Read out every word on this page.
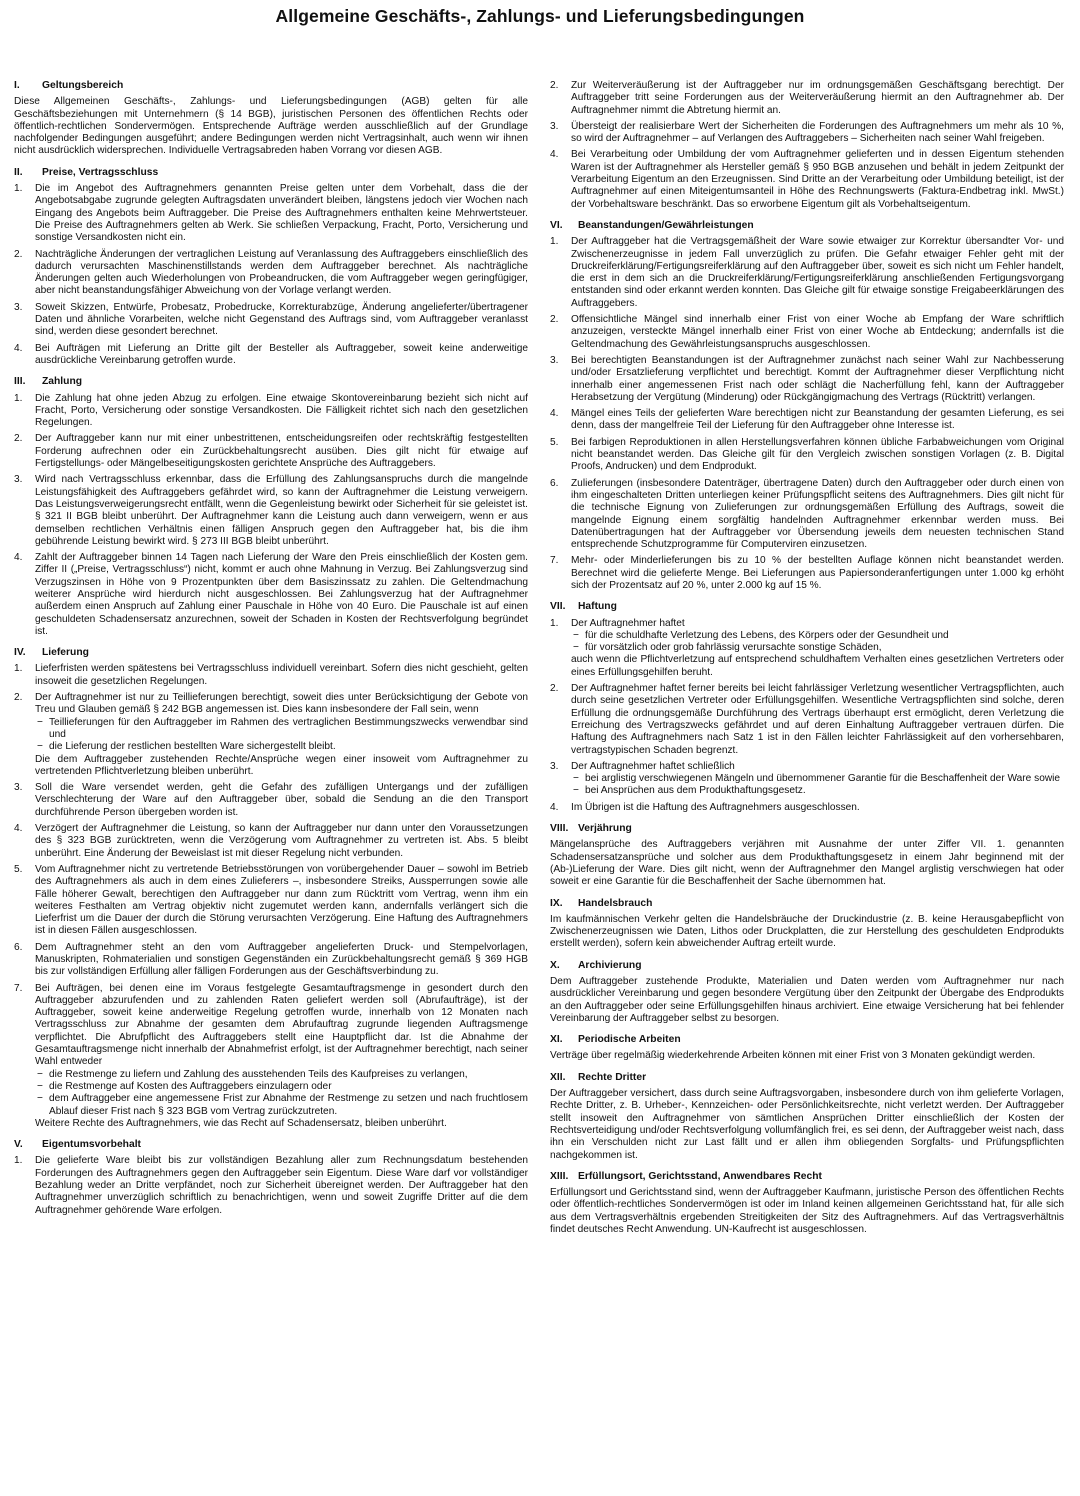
Allgemeine Geschäfts-, Zahlungs- und Lieferungsbedingungen
I.	Geltungsbereich

Diese Allgemeinen Geschäfts-, Zahlungs- und Lieferungsbedingungen (AGB) gelten für alle Geschäftsbeziehungen mit Unternehmern (§ 14 BGB), juristischen Personen des öffentlichen Rechts oder öffentlich-rechtlichen Sondervermögen. Entsprechende Aufträge werden ausschließlich auf der Grundlage nachfolgender Bedingungen ausgeführt; andere Bedingungen werden nicht Vertragsinhalt, auch wenn wir ihnen nicht ausdrücklich widersprechen. Individuelle Vertragsabreden haben Vorrang vor diesen AGB.

II.	Preise, Vertragsschluss
1.	Die im Angebot des Auftragnehmers genannten Preise gelten unter dem Vorbehalt, dass die der Angebotsabgabe zugrunde gelegten Auftragsdaten unverändert bleiben, längstens jedoch vier Wochen nach Eingang des Angebots beim Auftraggeber. Die Preise des Auftragnehmers enthalten keine Mehrwertsteuer. Die Preise des Auftragnehmers gelten ab Werk. Sie schließen Verpackung, Fracht, Porto, Versicherung und sonstige Versandkosten nicht ein.

2.	Nachträgliche Änderungen der vertraglichen Leistung auf Veranlassung des Auftraggebers einschließlich des dadurch verursachten Maschinenstillstands werden dem Auftraggeber berechnet. Als nachträgliche Änderungen gelten auch Wiederholungen von Probeandrucken, die vom Auftraggeber wegen geringfügiger, aber nicht beanstandungsfähiger Abweichung von der Vorlage verlangt werden.

3.	Soweit Skizzen, Entwürfe, Probesatz, Probedrucke, Korrekturabzüge, Änderung angelieferter/übertragener Daten und ähnliche Vorarbeiten, welche nicht Gegenstand des Auftrags sind, vom Auftraggeber veranlasst sind, werden diese gesondert berechnet.

4.	Bei Aufträgen mit Lieferung an Dritte gilt der Besteller als Auftraggeber, soweit keine anderweitige ausdrückliche Vereinbarung getroffen wurde.

III.	Zahlung
1.	Die Zahlung hat ohne jeden Abzug zu erfolgen. Eine etwaige Skontovereinbarung bezieht sich nicht auf Fracht, Porto, Versicherung oder sonstige Versandkosten. Die Fälligkeit richtet sich nach den gesetzlichen Regelungen.

2.	Der Auftraggeber kann nur mit einer unbestrittenen, entscheidungsreifen oder rechtskräftig festgestellten Forderung aufrechnen oder ein Zurückbehaltungsrecht ausüben. Dies gilt nicht für etwaige auf Fertigstellungs- oder Mängelbeseitigungskosten gerichtete Ansprüche des Auftraggebers.

3.	Wird nach Vertragsschluss erkennbar, dass die Erfüllung des Zahlungsanspruchs durch die mangelnde Leistungsfähigkeit des Auftraggebers gefährdet wird, so kann der Auftragnehmer die Leistung verweigern. Das Leistungsverweigerungsrecht entfällt, wenn die Gegenleistung bewirkt oder Sicherheit für sie geleistet ist. § 321 II BGB bleibt unberührt. Der Auftragnehmer kann die Leistung auch dann verweigern, wenn er aus demselben rechtlichen Verhältnis einen fälligen Anspruch gegen den Auftraggeber hat, bis die ihm gebührende Leistung bewirkt wird. § 273 III BGB bleibt unberührt.

4.	Zahlt der Auftraggeber binnen 14 Tagen nach Lieferung der Ware den Preis einschließlich der Kosten gem. Ziffer II („Preise, Vertragsschluss“) nicht, kommt er auch ohne Mahnung in Verzug. Bei Zahlungsverzug sind Verzugszinsen in Höhe von 9 Prozentpunkten über dem Basiszinssatz zu zahlen. Die Geltendmachung weiterer Ansprüche wird hierdurch nicht ausgeschlossen. Bei Zahlungsverzug hat der Auftragnehmer außerdem einen Anspruch auf Zahlung einer Pauschale in Höhe von 40 Euro. Die Pauschale ist auf einen geschuldeten Schadensersatz anzurechnen, soweit der Schaden in Kosten der Rechtsverfolgung begründet ist.

IV.	Lieferung
1.	Lieferfristen werden spätestens bei Vertragsschluss individuell vereinbart. Sofern dies nicht geschieht, gelten insoweit die gesetzlichen Regelungen.

2.	Der Auftragnehmer ist nur zu Teillieferungen berechtigt, soweit dies unter Berücksichtigung der Gebote von Treu und Glauben gemäß § 242 BGB angemessen ist. Dies kann insbesondere der Fall sein, wenn

− Teillieferungen für den Auftraggeber im Rahmen des vertraglichen Bestimmungszwecks verwendbar sind und
− die Lieferung der restlichen bestellten Ware sichergestellt bleibt.

Die dem Auftraggeber zustehenden Rechte/Ansprüche wegen einer insoweit vom Auftragnehmer zu vertretenden Pflichtverletzung bleiben unberührt.

3.	Soll die Ware versendet werden, geht die Gefahr des zufälligen Untergangs und der zufälligen Verschlechterung der Ware auf den Auftraggeber über, sobald die Sendung an die den Transport durchführende Person übergeben worden ist.

4.	Verzögert der Auftragnehmer die Leistung, so kann der Auftraggeber nur dann unter den Voraussetzungen des § 323 BGB zurücktreten, wenn die Verzögerung vom Auftragnehmer zu vertreten ist. Abs. 5 bleibt unberührt. Eine Änderung der Beweislast ist mit dieser Regelung nicht verbunden.

5.	Vom Auftragnehmer nicht zu vertretende Betriebsstörungen von vorübergehender Dauer – sowohl im Betrieb des Auftragnehmers als auch in dem eines Zulieferers –, insbesondere Streiks, Aussperrungen sowie alle Fälle höherer Gewalt, berechtigen den Auftraggeber nur dann zum Rücktritt vom Vertrag, wenn ihm ein weiteres Festhalten am Vertrag objektiv nicht zugemutet werden kann, andernfalls verlängert sich die Lieferfrist um die Dauer der durch die Störung verursachten Verzögerung. Eine Haftung des Auftragnehmers ist in diesen Fällen ausgeschlossen.

6.	Dem Auftragnehmer steht an den vom Auftraggeber angelieferten Druck- und Stempelvorlagen, Manuskripten, Rohmaterialien und sonstigen Gegenständen ein Zurückbehaltungsrecht gemäß § 369 HGB bis zur vollständigen Erfüllung aller fälligen Forderungen aus der Geschäftsverbindung zu.

7.	Bei Aufträgen, bei denen eine im Voraus festgelegte Gesamtauftragsmenge in gesondert durch den Auftraggeber abzurufenden und zu zahlenden Raten geliefert werden soll (Abrufaufträge), ist der Auftraggeber, soweit keine anderweitige Regelung getroffen wurde, innerhalb von 12 Monaten nach Vertragsschluss zur Abnahme der gesamten dem Abrufauftrag zugrunde liegenden Auftragsmenge verpflichtet. Die Abrufpflicht des Auftraggebers stellt eine Hauptpflicht dar. Ist die Abnahme der Gesamtauftragsmenge nicht innerhalb der Abnahmefrist erfolgt, ist der Auftragnehmer berechtigt, nach seiner Wahl entweder

− die Restmenge zu liefern und Zahlung des ausstehenden Teils des Kaufpreises zu verlangen,
− die Restmenge auf Kosten des Auftraggebers einzulagern oder
− dem Auftraggeber eine angemessene Frist zur Abnahme der Restmenge zu setzen und nach fruchtlosem Ablauf dieser Frist nach § 323 BGB vom Vertrag zurückzutreten.

Weitere Rechte des Auftragnehmers, wie das Recht auf Schadensersatz, bleiben unberührt.

V.	Eigentumsvorbehalt
1.	Die gelieferte Ware bleibt bis zur vollständigen Bezahlung aller zum Rechnungsdatum bestehenden Forderungen des Auftragnehmers gegen den Auftraggeber sein Eigentum. Diese Ware darf vor vollständiger Bezahlung weder an Dritte verpfändet, noch zur Sicherheit übereignet werden. Der Auftraggeber hat den Auftragnehmer unverzüglich schriftlich zu benachrichtigen, wenn und soweit Zugriffe Dritter auf die dem Auftragnehmer gehörende Ware erfolgen.

2.	Zur Weiterveräußerung ist der Auftraggeber nur im ordnungsgemäßen Geschäftsgang berechtigt. Der Auftraggeber tritt seine Forderungen aus der Weiterveräußerung hiermit an den Auftragnehmer ab. Der Auftragnehmer nimmt die Abtretung hiermit an.

3.	Übersteigt der realisierbare Wert der Sicherheiten die Forderungen des Auftragnehmers um mehr als 10 %, so wird der Auftragnehmer – auf Verlangen des Auftraggebers – Sicherheiten nach seiner Wahl freigeben.

4.	Bei Verarbeitung oder Umbildung der vom Auftragnehmer gelieferten und in dessen Eigentum stehenden Waren ist der Auftragnehmer als Hersteller gemäß § 950 BGB anzusehen und behält in jedem Zeitpunkt der Verarbeitung Eigentum an den Erzeugnissen. Sind Dritte an der Verarbeitung oder Umbildung beteiligt, ist der Auftragnehmer auf einen Miteigentumsanteil in Höhe des Rechnungswerts (Faktura-Endbetrag inkl. MwSt.) der Vorbehaltsware beschränkt. Das so erworbene Eigentum gilt als Vorbehaltseigentum.

VI.	Beanstandungen/Gewährleistungen
1.	Der Auftraggeber hat die Vertragsgemäßheit der Ware sowie etwaiger zur Korrektur übersandter Vor- und Zwischenerzeugnisse in jedem Fall unverzüglich zu prüfen. Die Gefahr etwaiger Fehler geht mit der Druckreiferklärung/Fertigungsreiferklärung auf den Auftraggeber über, soweit es sich nicht um Fehler handelt, die erst in dem sich an die Druckreiferklärung/Fertigungsreiferklärung anschließenden Fertigungsvorgang entstanden sind oder erkannt werden konnten. Das Gleiche gilt für etwaige sonstige Freigabeerklärungen des Auftraggebers.

2.	Offensichtliche Mängel sind innerhalb einer Frist von einer Woche ab Empfang der Ware schriftlich anzuzeigen, versteckte Mängel innerhalb einer Frist von einer Woche ab Entdeckung; andernfalls ist die Geltendmachung des Gewährleistungsanspruchs ausgeschlossen.

3.	Bei berechtigten Beanstandungen ist der Auftragnehmer zunächst nach seiner Wahl zur Nachbesserung und/oder Ersatzlieferung verpflichtet und berechtigt. Kommt der Auftragnehmer dieser Verpflichtung nicht innerhalb einer angemessenen Frist nach oder schlägt die Nacherfüllung fehl, kann der Auftraggeber Herabsetzung der Vergütung (Minderung) oder Rückgängigmachung des Vertrags (Rücktritt) verlangen.

4.	Mängel eines Teils der gelieferten Ware berechtigen nicht zur Beanstandung der gesamten Lieferung, es sei denn, dass der mangelfreie Teil der Lieferung für den Auftraggeber ohne Interesse ist.

5.	Bei farbigen Reproduktionen in allen Herstellungsverfahren können übliche Farbabweichungen vom Original nicht beanstandet werden. Das Gleiche gilt für den Vergleich zwischen sonstigen Vorlagen (z. B. Digital Proofs, Andrucken) und dem Endprodukt.

6.	Zulieferungen (insbesondere Datenträger, übertragene Daten) durch den Auftraggeber oder durch einen von ihm eingeschalteten Dritten unterliegen keiner Prüfungspflicht seitens des Auftragnehmers. Dies gilt nicht für die technische Eignung von Zulieferungen zur ordnungsgemäßen Erfüllung des Auftrags, soweit die mangelnde Eignung einem sorgfältig handelnden Auftragnehmer erkennbar werden muss. Bei Datenübertragungen hat der Auftraggeber vor Übersendung jeweils dem neuesten technischen Stand entsprechende Schutzprogramme für Computerviren einzusetzen.

7.	Mehr- oder Minderlieferungen bis zu 10 % der bestellten Auflage können nicht beanstandet werden. Berechnet wird die gelieferte Menge. Bei Lieferungen aus Papiersonderanfertigungen unter 1.000 kg erhöht sich der Prozentsatz auf 20 %, unter 2.000 kg auf 15 %.

VII.	Haftung
1.	Der Auftragnehmer haftet

− für die schuldhafte Verletzung des Lebens, des Körpers oder der Gesundheit und
− für vorsätzlich oder grob fahrlässig verursachte sonstige Schäden,

auch wenn die Pflichtverletzung auf entsprechend schuldhaftem Verhalten eines gesetzlichen Vertreters oder eines Erfüllungsgehilfen beruht.

2.	Der Auftragnehmer haftet ferner bereits bei leicht fahrlässiger Verletzung wesentlicher Vertragspflichten, auch durch seine gesetzlichen Vertreter oder Erfüllungsgehilfen. Wesentliche Vertragspflichten sind solche, deren Erfüllung die ordnungsgemäße Durchführung des Vertrags überhaupt erst ermöglicht, deren Verletzung die Erreichung des Vertragszwecks gefährdet und auf deren Einhaltung Auftraggeber vertrauen dürfen. Die Haftung des Auftragnehmers nach Satz 1 ist in den Fällen leichter Fahrlässigkeit auf den vorhersehbaren, vertragstypischen Schaden begrenzt.

3.	Der Auftragnehmer haftet schließlich

− bei arglistig verschwiegenen Mängeln und übernommener Garantie für die Beschaffenheit der Ware sowie
− bei Ansprüchen aus dem Produkthaftungsgesetz.
4.	Im Übrigen ist die Haftung des Auftragnehmers ausgeschlossen.

VIII. Verjährung

Mängelansprüche des Auftraggebers verjähren mit Ausnahme der unter Ziffer VII. 1. genannten Schadensersatzansprüche und solcher aus dem Produkthaftungsgesetz in einem Jahr beginnend mit der (Ab-)Lieferung der Ware. Dies gilt nicht, wenn der Auftragnehmer den Mangel arglistig verschwiegen hat oder soweit er eine Garantie für die Beschaffenheit der Sache übernommen hat.

IX.	Handelsbrauch

Im kaufmännischen Verkehr gelten die Handelsbräuche der Druckindustrie (z. B. keine Herausgabepflicht von Zwischenerzeugnissen wie Daten, Lithos oder Druckplatten, die zur Herstellung des geschuldeten Endprodukts erstellt werden), sofern kein abweichender Auftrag erteilt wurde.

X.	Archivierung

Dem Auftraggeber zustehende Produkte, Materialien und Daten werden vom Auftragnehmer nur nach ausdrücklicher Vereinbarung und gegen besondere Vergütung über den Zeitpunkt der Übergabe des Endprodukts an den Auftraggeber oder seine Erfüllungsgehilfen hinaus archiviert. Eine etwaige Versicherung hat bei fehlender Vereinbarung der Auftraggeber selbst zu besorgen.

XI.	Periodische Arbeiten

Verträge über regelmäßig wiederkehrende Arbeiten können mit einer Frist von 3 Monaten gekündigt werden.

XII.	Rechte Dritter

Der Auftraggeber versichert, dass durch seine Auftragsvorgaben, insbesondere durch von ihm gelieferte Vorlagen, Rechte Dritter, z. B. Urheber-, Kennzeichen- oder Persönlichkeitsrechte, nicht verletzt werden. Der Auftraggeber stellt insoweit den Auftragnehmer von sämtlichen Ansprüchen Dritter einschließlich der Kosten der Rechtsverteidigung und/oder Rechtsverfolgung vollumfänglich frei, es sei denn, der Auftraggeber weist nach, dass ihn ein Verschulden nicht zur Last fällt und er allen ihm obliegenden Sorgfalts- und Prüfungspflichten nachgekommen ist.

XIII. Erfüllungsort, Gerichtsstand, Anwendbares Recht

Erfüllungsort und Gerichtsstand sind, wenn der Auftraggeber Kaufmann, juristische Person des öffentlichen Rechts oder öffentlich-rechtliches Sondervermögen ist oder im Inland keinen allgemeinen Gerichtsstand hat, für alle sich aus dem Vertragsverhältnis ergebenden Streitigkeiten der Sitz des Auftragnehmers. Auf das Vertragsverhältnis findet deutsches Recht Anwendung. UN-Kaufrecht ist ausgeschlossen.
